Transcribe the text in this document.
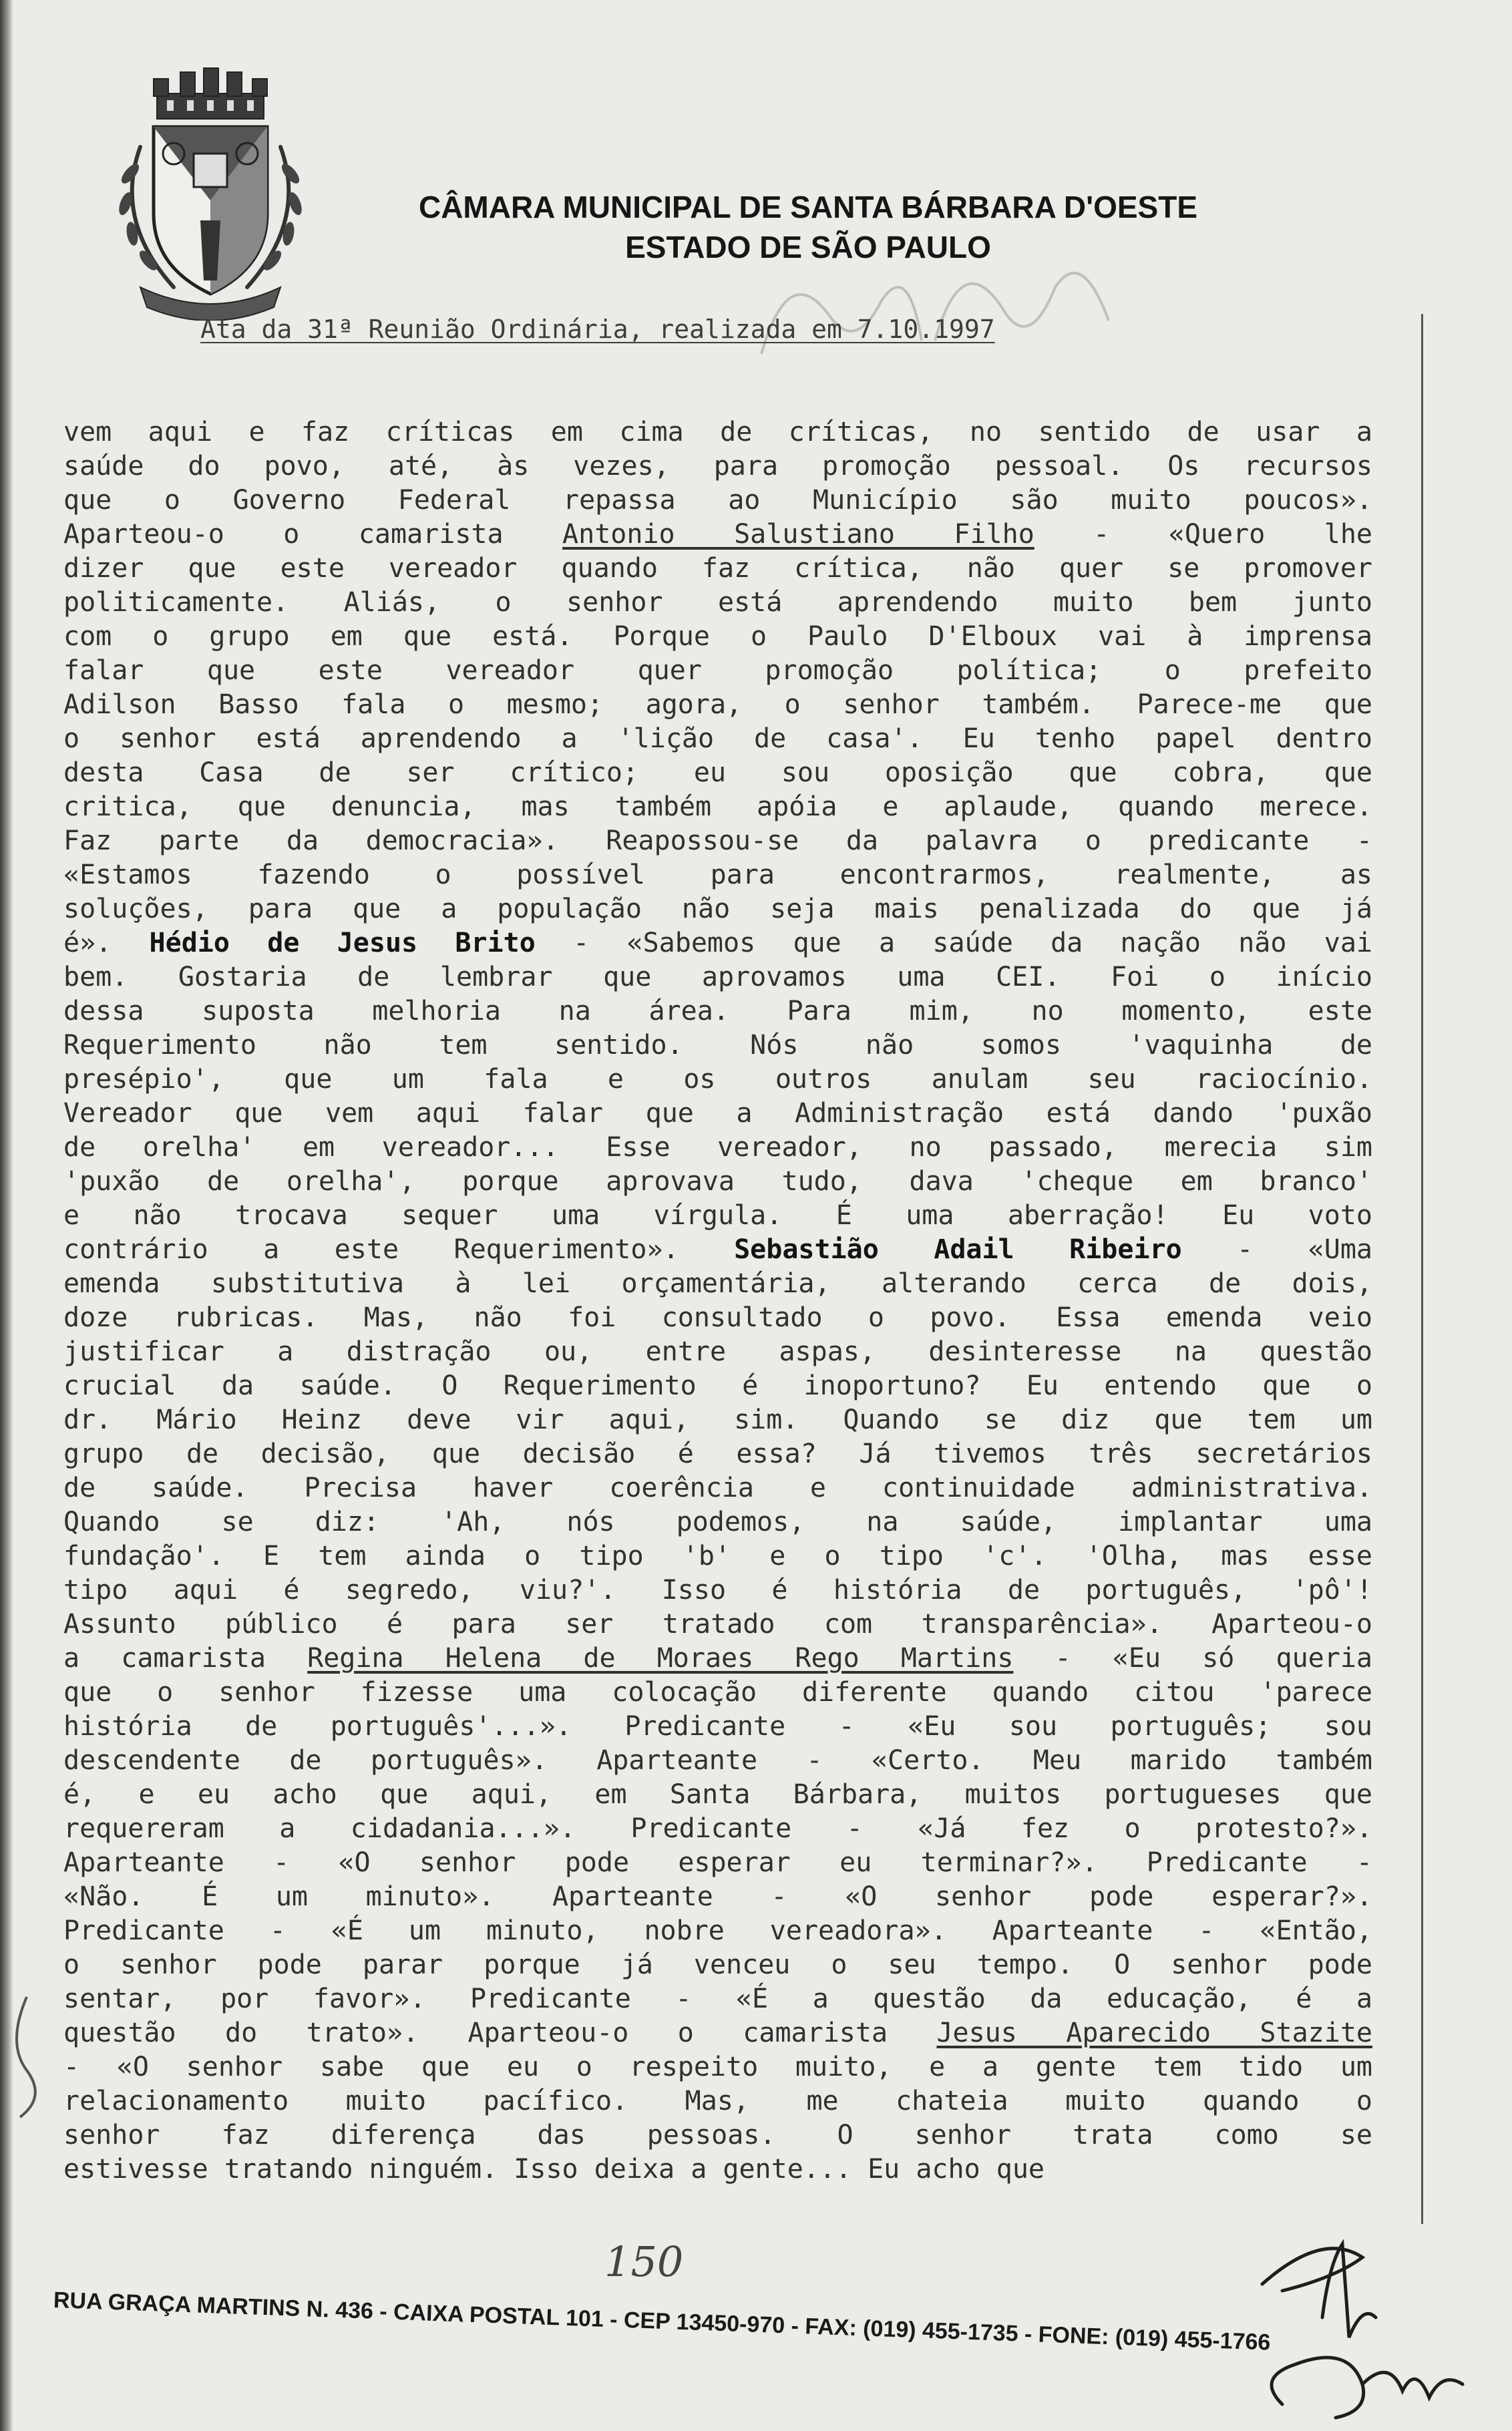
CÂMARA MUNICIPAL DE SANTA BÁRBARA D'OESTE
ESTADO DE SÃO PAULO
Ata da 31ª Reunião Ordinária, realizada em 7.10.1997
vem aqui e faz críticas em cima de críticas, no sentido de usar a
saúde do povo, até, às vezes, para promoção pessoal. Os recursos
que o Governo Federal repassa ao Município são muito poucos».
Aparteou-o o camarista Antonio Salustiano Filho - «Quero lhe
dizer que este vereador quando faz crítica, não quer se promover
politicamente. Aliás, o senhor está aprendendo muito bem junto
com o grupo em que está. Porque o Paulo D'Elboux vai à imprensa
falar que este vereador quer promoção política; o prefeito
Adilson Basso fala o mesmo; agora, o senhor também. Parece-me que
o senhor está aprendendo a 'lição de casa'. Eu tenho papel dentro
desta Casa de ser crítico; eu sou oposição que cobra, que
critica, que denuncia, mas também apóia e aplaude, quando merece.
Faz parte da democracia». Reapossou-se da palavra o predicante -
«Estamos fazendo o possível para encontrarmos, realmente, as
soluções, para que a população não seja mais penalizada do que já
é». Hédio de Jesus Brito - «Sabemos que a saúde da nação não vai
bem. Gostaria de lembrar que aprovamos uma CEI. Foi o início
dessa suposta melhoria na área. Para mim, no momento, este
Requerimento não tem sentido. Nós não somos 'vaquinha de
presépio', que um fala e os outros anulam seu raciocínio.
Vereador que vem aqui falar que a Administração está dando 'puxão
de orelha' em vereador... Esse vereador, no passado, merecia sim
'puxão de orelha', porque aprovava tudo, dava 'cheque em branco'
e não trocava sequer uma vírgula. É uma aberração! Eu voto
contrário a este Requerimento». Sebastião Adail Ribeiro - «Uma
emenda substitutiva à lei orçamentária, alterando cerca de dois,
doze rubricas. Mas, não foi consultado o povo. Essa emenda veio
justificar a distração ou, entre aspas, desinteresse na questão
crucial da saúde. O Requerimento é inoportuno? Eu entendo que o
dr. Mário Heinz deve vir aqui, sim. Quando se diz que tem um
grupo de decisão, que decisão é essa? Já tivemos três secretários
de saúde. Precisa haver coerência e continuidade administrativa.
Quando se diz: 'Ah, nós podemos, na saúde, implantar uma
fundação'. E tem ainda o tipo 'b' e o tipo 'c'. 'Olha, mas esse
tipo aqui é segredo, viu?'. Isso é história de português, 'pô'!
Assunto público é para ser tratado com transparência». Aparteou-o
a camarista Regina Helena de Moraes Rego Martins - «Eu só queria
que o senhor fizesse uma colocação diferente quando citou 'parece
história de português'...». Predicante - «Eu sou português; sou
descendente de português». Aparteante - «Certo. Meu marido também
é, e eu acho que aqui, em Santa Bárbara, muitos portugueses que
requereram a cidadania...». Predicante - «Já fez o protesto?».
Aparteante - «O senhor pode esperar eu terminar?». Predicante -
«Não. É um minuto». Aparteante - «O senhor pode esperar?».
Predicante - «É um minuto, nobre vereadora». Aparteante - «Então,
o senhor pode parar porque já venceu o seu tempo. O senhor pode
sentar, por favor». Predicante - «É a questão da educação, é a
questão do trato». Aparteou-o o camarista Jesus Aparecido Stazite
- «O senhor sabe que eu o respeito muito, e a gente tem tido um
relacionamento muito pacífico. Mas, me chateia muito quando o
senhor faz diferença das pessoas. O senhor trata como se
estivesse tratando ninguém. Isso deixa a gente... Eu acho que
150
RUA GRAÇA MARTINS N. 436 - CAIXA POSTAL 101 - CEP 13450-970 - FAX: (019) 455-1735 - FONE: (019) 455-1766
